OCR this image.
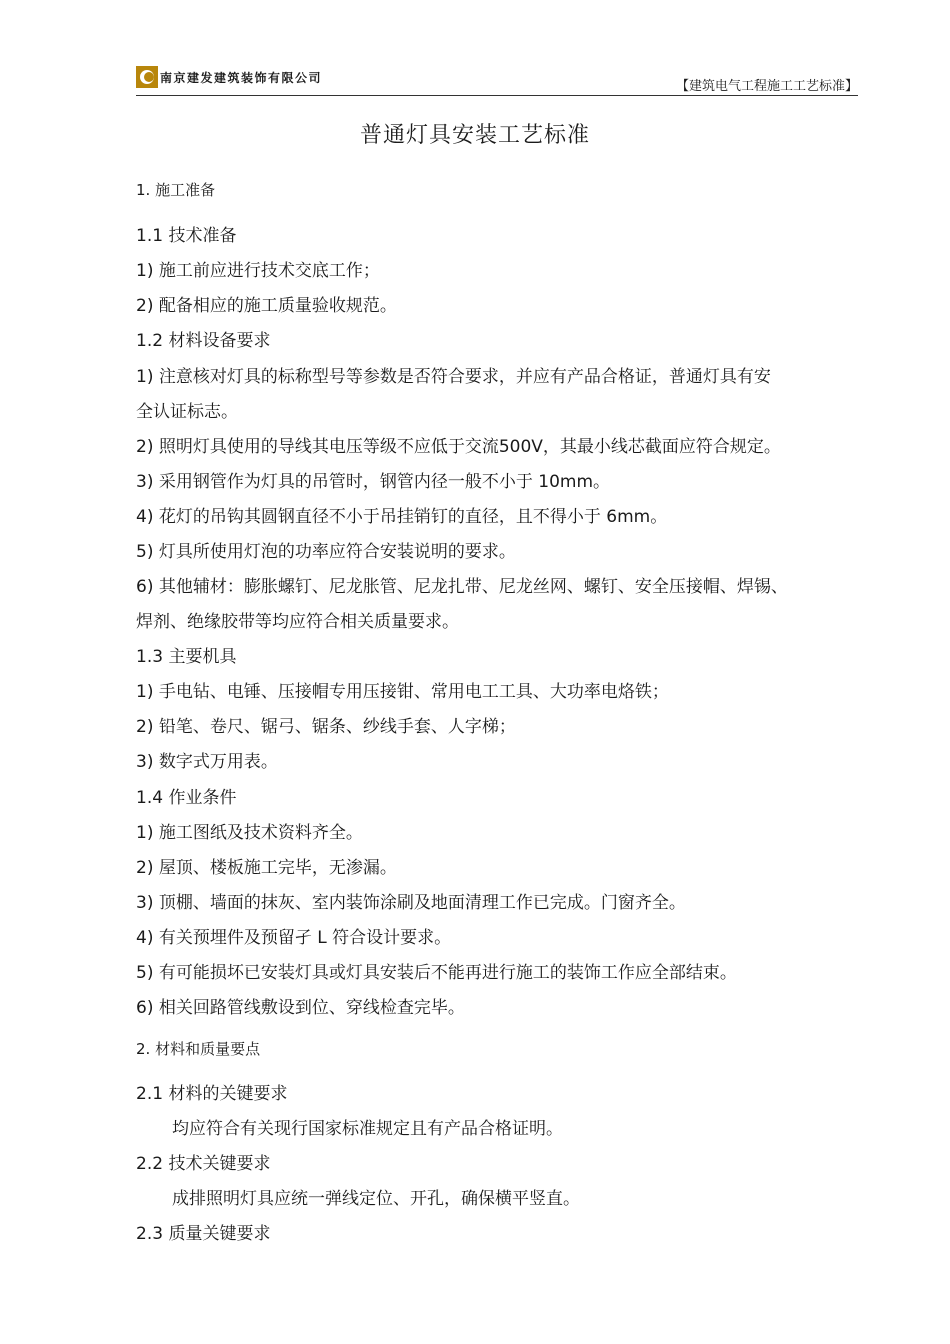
南京建发建筑装饰有限公司
【建筑电气工程施工工艺标准】
普通灯具安装工艺标准
1. 施工准备
1.1 技术准备
1) 施工前应进行技术交底工作；
2) 配备相应的施工质量验收规范。
1.2 材料设备要求
1) 注意核对灯具的标称型号等参数是否符合要求，并应有产品合格证，普通灯具有安
全认证标志。
2) 照明灯具使用的导线其电压等级不应低于交流500V，其最小线芯截面应符合规定。
3) 采用钢管作为灯具的吊管时，钢管内径一般不小于 10mm。
4) 花灯的吊钩其圆钢直径不小于吊挂销钉的直径，且不得小于 6mm。
5) 灯具所使用灯泡的功率应符合安装说明的要求。
6) 其他辅材：膨胀螺钉、尼龙胀管、尼龙扎带、尼龙丝网、螺钉、安全压接帽、焊锡、
焊剂、绝缘胶带等均应符合相关质量要求。
1.3 主要机具
1) 手电钻、电锤、压接帽专用压接钳、常用电工工具、大功率电烙铁；
2) 铅笔、卷尺、锯弓、锯条、纱线手套、人字梯；
3) 数字式万用表。
1.4 作业条件
1) 施工图纸及技术资料齐全。
2) 屋顶、楼板施工完毕，无渗漏。
3) 顶棚、墙面的抹灰、室内装饰涂刷及地面清理工作已完成。门窗齐全。
4) 有关预埋件及预留孑 L 符合设计要求。
5) 有可能损坏已安装灯具或灯具安装后不能再进行施工的装饰工作应全部结束。
6) 相关回路管线敷设到位、穿线检查完毕。
2. 材料和质量要点
2.1 材料的关键要求
均应符合有关现行国家标准规定且有产品合格证明。
2.2 技术关键要求
成排照明灯具应统一弹线定位、开孔，确保横平竖直。
2.3 质量关键要求
